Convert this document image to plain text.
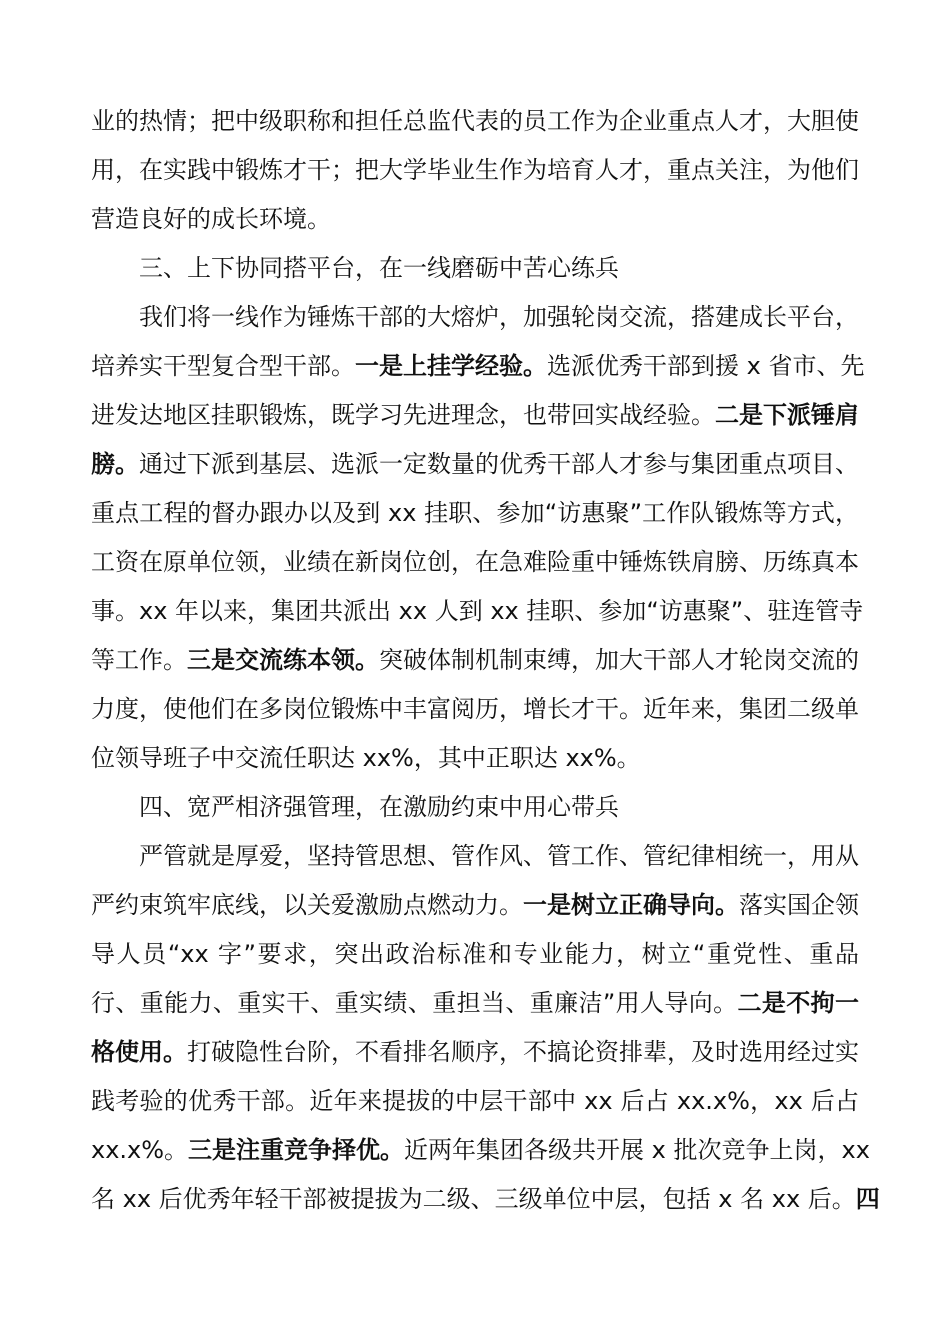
业的热情；把中级职称和担任总监代表的员工作为企业重点人才，大胆使
用，在实践中锻炼才干；把大学毕业生作为培育人才，重点关注，为他们
营造良好的成长环境。
三、上下协同搭平台，在一线磨砺中苦心练兵
我们将一线作为锤炼干部的大熔炉，加强轮岗交流，搭建成长平台，
培养实干型复合型干部。一是上挂学经验。选派优秀干部到援 x 省市、先
进发达地区挂职锻炼，既学习先进理念，也带回实战经验。二是下派锤肩
膀。通过下派到基层、选派一定数量的优秀干部人才参与集团重点项目、
重点工程的督办跟办以及到 xx 挂职、参加“访惠聚”工作队锻炼等方式，
工资在原单位领，业绩在新岗位创，在急难险重中锤炼铁肩膀、历练真本
事。xx 年以来，集团共派出 xx 人到 xx 挂职、参加“访惠聚”、驻连管寺
等工作。三是交流练本领。突破体制机制束缚，加大干部人才轮岗交流的
力度，使他们在多岗位锻炼中丰富阅历，增长才干。近年来，集团二级单
位领导班子中交流任职达 xx%，其中正职达 xx%。
四、宽严相济强管理，在激励约束中用心带兵
严管就是厚爱，坚持管思想、管作风、管工作、管纪律相统一，用从
严约束筑牢底线，以关爱激励点燃动力。一是树立正确导向。落实国企领
导人员“xx 字”要求，突出政治标准和专业能力，树立“重党性、重品
行、重能力、重实干、重实绩、重担当、重廉洁”用人导向。二是不拘一
格使用。打破隐性台阶，不看排名顺序，不搞论资排辈，及时选用经过实
践考验的优秀干部。近年来提拔的中层干部中 xx 后占 xx.x%，xx 后占
xx.x%。三是注重竞争择优。近两年集团各级共开展 x 批次竞争上岗，xx
名 xx 后优秀年轻干部被提拔为二级、三级单位中层，包括 x 名 xx 后。四
